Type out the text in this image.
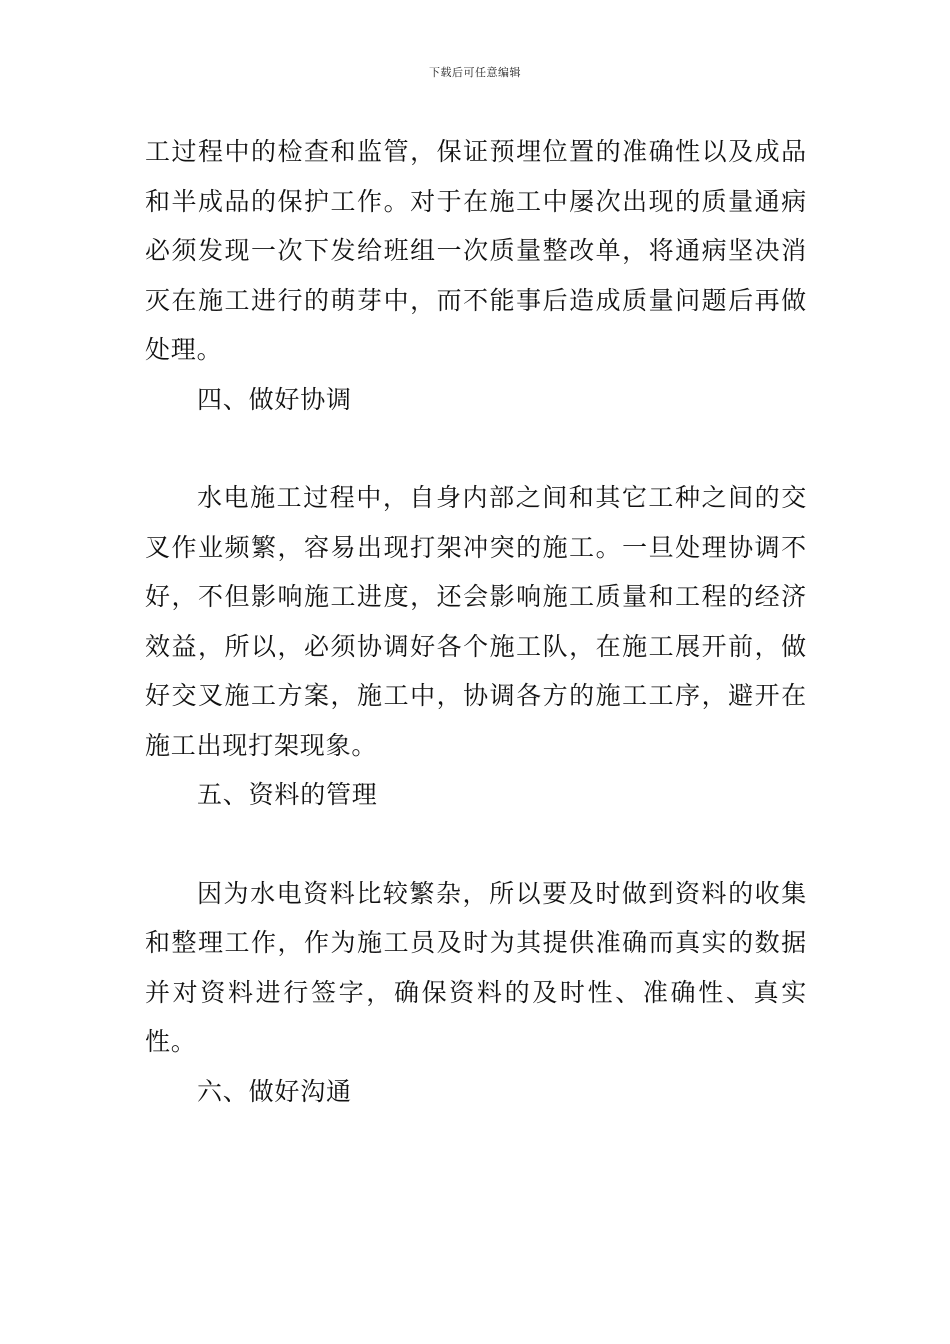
下载后可任意编辑

工过程中的检查和监管，保证预埋位置的准确性以及成品和半成品的保护工作。对于在施工中屡次出现的质量通病必须发现一次下发给班组一次质量整改单，将通病坚决消灭在施工进行的萌芽中，而不能事后造成质量问题后再做处理。

四、做好协调

水电施工过程中，自身内部之间和其它工种之间的交叉作业频繁，容易出现打架冲突的施工。一旦处理协调不好，不但影响施工进度，还会影响施工质量和工程的经济效益，所以，必须协调好各个施工队，在施工展开前，做好交叉施工方案，施工中，协调各方的施工工序，避开在施工出现打架现象。

五、资料的管理

因为水电资料比较繁杂，所以要及时做到资料的收集和整理工作，作为施工员及时为其提供准确而真实的数据并对资料进行签字，确保资料的及时性、准确性、真实性。

六、做好沟通
